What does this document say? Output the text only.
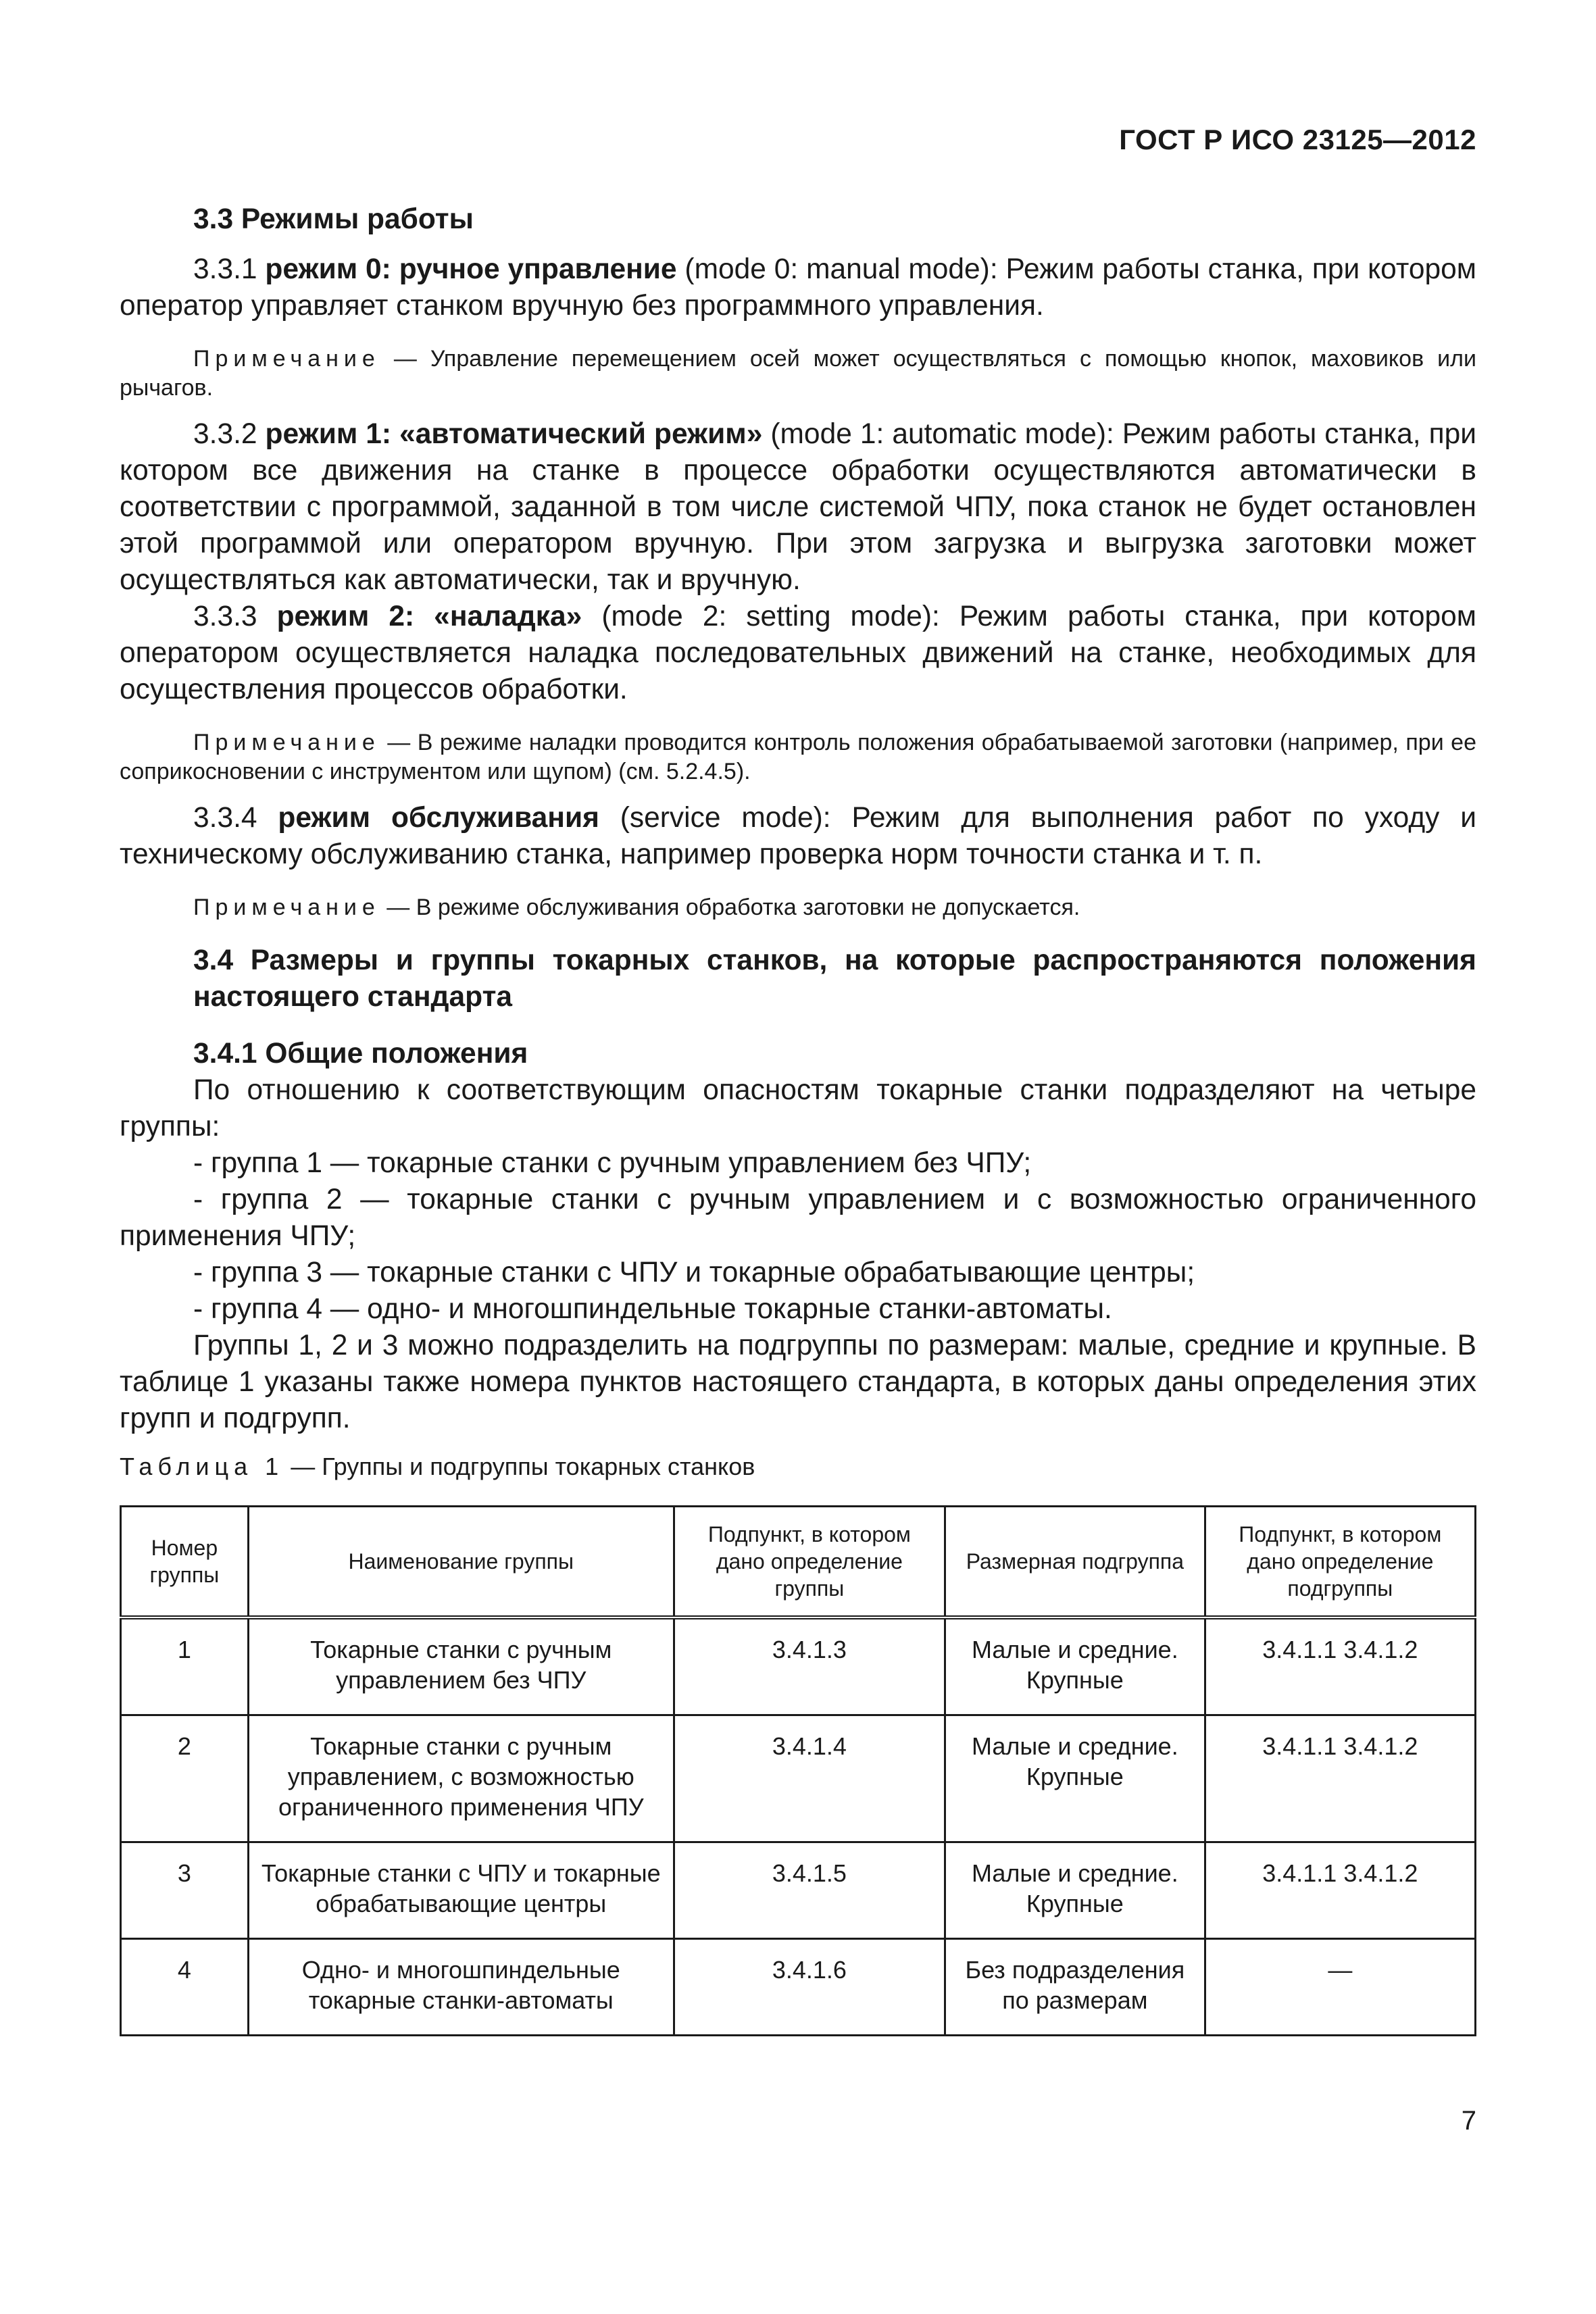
ГОСТ Р ИСО 23125—2012

3.3 Режимы работы

3.3.1 режим 0: ручное управление (mode 0: manual mode): Режим работы станка, при котором оператор управляет станком вручную без программного управления.

Примечание — Управление перемещением осей может осуществляться с помощью кнопок, маховиков или рычагов.

3.3.2 режим 1: «автоматический режим» (mode 1: automatic mode): Режим работы станка, при котором все движения на станке в процессе обработки осуществляются автоматически в соответствии с программой, заданной в том числе системой ЧПУ, пока станок не будет остановлен этой программой или оператором вручную. При этом загрузка и выгрузка заготовки может осуществляться как автоматически, так и вручную.

3.3.3 режим 2: «наладка» (mode 2: setting mode): Режим работы станка, при котором оператором осуществляется наладка последовательных движений на станке, необходимых для осуществления процессов обработки.

Примечание — В режиме наладки проводится контроль положения обрабатываемой заготовки (например, при ее соприкосновении с инструментом или щупом) (см. 5.2.4.5).

3.3.4 режим обслуживания (service mode): Режим для выполнения работ по уходу и техническому обслуживанию станка, например проверка норм точности станка и т. п.

Примечание — В режиме обслуживания обработка заготовки не допускается.

3.4 Размеры и группы токарных станков, на которые распространяются положения настоящего стандарта

3.4.1 Общие положения

По отношению к соответствующим опасностям токарные станки подразделяют на четыре группы:

- группа 1 — токарные станки с ручным управлением без ЧПУ;

- группа 2 — токарные станки с ручным управлением и с возможностью ограниченного применения ЧПУ;

- группа 3 — токарные станки с ЧПУ и токарные обрабатывающие центры;

- группа 4 — одно- и многошпиндельные токарные станки-автоматы.

Группы 1, 2 и 3 можно подразделить на подгруппы по размерам: малые, средние и крупные. В таблице 1 указаны также номера пунктов настоящего стандарта, в которых даны определения этих групп и подгрупп.

Таблица 1 — Группы и подгруппы токарных станков
Номер группы	Наименование группы	Подпункт, в котором дано определение группы	Размерная подгруппа	Подпункт, в котором дано определение подгруппы
1	Токарные станки с ручным управлением без ЧПУ	3.4.1.3	Малые и средние. Крупные	3.4.1.1 3.4.1.2
2	Токарные станки с ручным управлением, с возможностью ограниченного применения ЧПУ	3.4.1.4	Малые и средние. Крупные	3.4.1.1 3.4.1.2
3	Токарные станки с ЧПУ и токарные обрабатывающие центры	3.4.1.5	Малые и средние. Крупные	3.4.1.1 3.4.1.2
4	Одно- и многошпиндельные токарные станки-автоматы	3.4.1.6	Без подразделения по размерам	—
7
